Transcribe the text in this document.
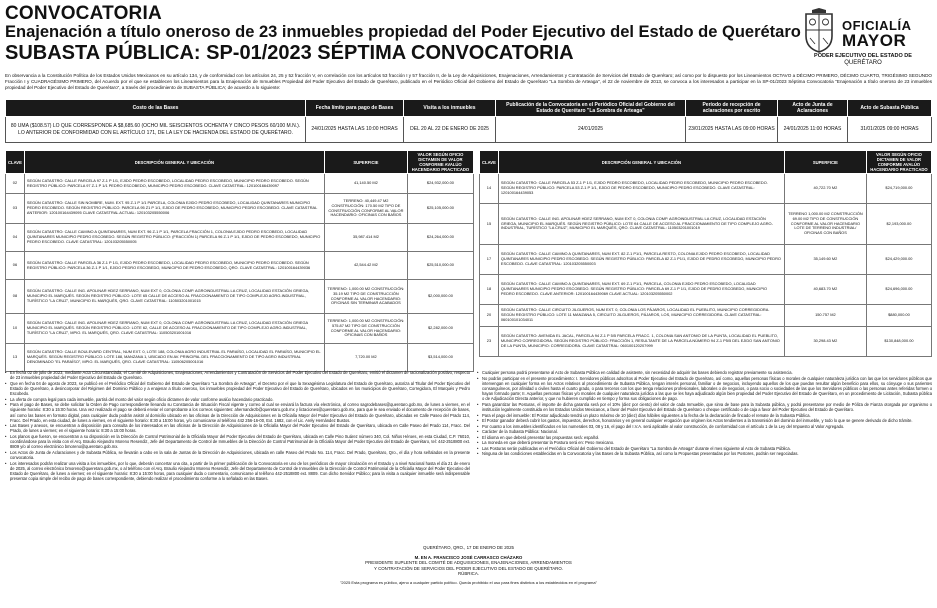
CONVOCATORIA
Enajenación a título oneroso de 23 inmuebles propiedad del Poder Ejecutivo del Estado de Querétaro
SUBASTA PÚBLICA: SP-01/2023 SÉPTIMA CONVOCATORIA
OFICIALÍA
MAYOR
PODER EJECUTIVO DEL ESTADO DE
QUERÉTARO
En observancia a la Constitución Política de los Estados Unidos Mexicanos en su artículo 134, y de conformidad con los artículos 24, 25 y 52 fracción V, en correlación con los artículos 53 fracción I y 57 fracción II, de la Ley de Adquisiciones, Enajenaciones, Arrendamientos y Contratación de Servicios del Estado de Querétaro; así como por lo dispuesto por los Lineamientos OCTAVO a DÉCIMO PRIMERO, DÉCIMO CUARTO, TRIGÉSIMO SEGUNDO Fracción I y CUADRAGÉSIMO PRIMERO, del Acuerdo por el que se establecen los Lineamientos para la Enajenación de Inmuebles Propiedad del Poder Ejecutivo del Estado de Querétaro, publicado en el Periódico Oficial del Gobierno del Estado de Querétaro "La Sombra de Arteaga", el 22 de noviembre de 2013, se convoca a los interesados a participar en la SP-01/2023 Séptima Convocatoria "Enajenación a título oneroso de 23 inmuebles propiedad del Poder Ejecutivo del Estado de Querétaro", a través del procedimiento de SUBASTA PÚBLICA; de acuerdo a lo siguiente:
Costo de las Bases	Fecha límite para pago de Bases	Visita a los inmuebles	Publicación de la Convocatoria en el Periódico Oficial del Gobierno del Estado de Querétaro "La Sombra de Arteaga"	Período de recepción de aclaraciones por escrito	Acto de Junta de Aclaraciones	Acto de Subasta Pública
80 UMA ($108.57) LO QUE CORRESPONDE A $8,685.60 (OCHO MIL SEISCIENTOS OCHENTA Y CINCO PESOS 60/100 M.N.). LO ANTERIOR DE CONFORMIDAD CON EL ARTÍCULO 171, DE LA LEY DE HACIENDA DEL ESTADO DE QUERÉTARO.	24/01/2025 HASTA LAS 10:00 HORAS	DEL 20 AL 22 DE ENERO DE 2025	24/01/2025	23/01/2025 HASTA LAS 09:00 HORAS	24/01/2025 11:00 HORAS	31/01/2025 09:00 HORAS
CLAVE	DESCRIPCIÓN GENERAL Y UBICACIÓN	SUPERFICIE	VALOR SEGÚN OFICIO DICTAMEN DE VALOR CONFORME AVALÚO HACENDARIO PRACTICADO
02	SEGÚN CATASTRO: CALLE PARCELA 97 Z-1 P 1/1, EJIDO PEDRO ESCOBEDO, LOCALIDAD PEDRO ESCOBEDO, MUNICIPIO PEDRO ESCOBEDO. SEGÚN REGISTRO PÚBLICO: PARCELA 97 Z-1 P 1/1 PEDRO ESCOBEDO, MUNICIPIO PEDRO ESCOBEDO. CLAVE CATASTRAL: 120100166439097	41,140.50 M2	$24,932,000.00
03	SEGÚN CATASTRO: CALLE SIN NOMBRE, NUM. EXT. 95 Z-1 P 1/1 PARCELA, COLONIA EJIDO PEDRO ESCOBEDO, LOCALIDAD QUINTANARES MUNICIPIO PEDRO ESCOBEDO. SEGÚN REGISTRO PÚBLICO: PARCELA 95 Z1 P 1/1, EJIDO DE PEDRO ESCOBEDO, MUNICIPIO PEDRO ESCOBEDO. CLAVE CATASTRAL ANTERIOR: 120100164439095 CLAVE CATASTRAL ACTUAL: 120103205550006	TERRENO: 40,449.47 M2 CONSTRUCCIÓN: 170.50 M2 TIPO DE CONSTRUCCIÓN CONFORME AL VALOR HACENDARIO: OFICINAS CON BAÑOS	$25,105,000.00
04	SEGÚN CATASTRO: CALLE CAMINO A QUINTANARES, NUM EXT. 96 Z-1 P 1/1, PARCELA FRACCIÓN 1, COLONIA EJIDO PEDRO ESCOBEDO, LOCALIDAD QUINTANARES MUNICIPIO PEDRO ESCOBEDO. SEGÚN REGISTRO PÚBLICO: (FRACCIÓN 1) PARCELA 96 Z-1 P 1/1, EJIDO DE PEDRO ESCOBEDO, MUNICIPIO PEDRO ESCOBEDO. CLAVE CATASTRAL: 120103205550005	35,987.414 M2	$24,264,000.00
06	SEGÚN CATASTRO: CALLE PARCELA 36 Z-1 P 1/1, EJIDO PEDRO ESCOBEDO, LOCALIDAD PEDRO ESCOBEDO, MUNICIPIO PEDRO ESCOBEDO. SEGÚN REGISTRO PÚBLICO: PARCELA 36 Z-1 P 1/1, EJIDO PEDRO ESCOBEDO, MUNICIPIO DE PEDRO ESCOBEDO, QRO. CLAVE CATASTRAL: 120100164439036	42,544.42 M2	$25,510,000.00
08	SEGÚN CATASTRO: CALLE ING. APOLINAR HDEZ SERRANO, NUM EXT 0, COLONIA COMP. AGROINDUSTRIAL LA CRUZ, LOCALIDAD ESTACIÓN GRIEGA, MUNICIPIO EL MARQUÉS. SEGÚN REGISTRO PÚBLICO: LOTE 65 CALLE DE ACCESO AL FRACCIONAMIENTO DE TIPO COMPLEJO AGRO-INDUSTRIAL, TURÍSTICO "LA CRUZ", MUNICIPIO EL MARQUÉS, QRO. CLAVE CATASTRAL: 110503201001015	TERRENO: 1,000.00 M2 CONSTRUCCIÓN: 35.19 M2 TIPO DE CONSTRUCCIÓN CONFORME AL VALOR HACENDARIO: OFICINAS SIN TERMINAR ACABADOS	$2,000,000.00
10	SEGÚN CATASTRO: CALLE ING. APOLINAR HDEZ SERRANO, NUM EXT 0, COLONIA COMP. AGROINDUSTRIAL LA CRUZ, LOCALIDAD ESTACIÓN GRIEGA MUNICIPIO EL MARQUÉS. SEGÚN REGISTRO PÚBLICO: LOTE 62, CALLE DE ACCESO AL FRACCIONAMIENTO DE TIPO COMPLEJO AGRO-INDUSTRIAL, TURÍSTICO "LA CRUZ", MPIO. EL MARQUÉS, QRO. CLAVE CATASTRAL: 110503201001016	TERRENO: 1,000.00 M2 CONSTRUCCIÓN: 575.87 M2 TIPO DE CONSTRUCCIÓN CONFORME AL VALOR HACENDARIO: OFICINAS CON BAÑOS	$2,282,000.00
13	SEGÚN CATASTRO: CALLE BOULEVARD CENTRAL, NUM EXT. 0, LOTE 188, COLONIA AGRO INDUSTRIAL EL PARAÍSO, LOCALIDAD EL PARAÍSO, MUNICIPIO EL MARQUÉS. SEGÚN REGISTRO PÚBLICO: LOTE 188, MANZANA 1, UBICADO EN AV. PRINCIPAL DEL FRACCIONAMIENTO DE TIPO AGRO INDUSTRIAL DENOMINADO "EL PARAÍSO", MPIO. EL MARQUÉS, QRO. CLAVE CATASTRAL: 110506205001016	7,720.00 M2	$3,514,000.00
CLAVE	DESCRIPCIÓN GENERAL Y UBICACIÓN	SUPERFICIE	VALOR SEGÚN OFICIO DICTAMEN DE VALOR CONFORME AVALÚO HACENDARIO PRACTICADO
14	SEGÚN CATASTRO: CALLE PARCELA 53 Z-1 P 1/1, EJIDO PEDRO ESCOBEDO, LOCALIDAD PEDRO ESCOBEDO, MUNICIPIO PEDRO ESCOBEDO. SEGÚN REGISTRO PÚBLICO: PARCELA 53 Z-1 P 1/1, EJIDO DE PEDRO ESCOBEDO, MUNICIPIO PEDRO ESCOBEDO. CLAVE CATASTRAL: 120100164439053	40,722.70 M2	$24,719,000.00
15	SEGÚN CATASTRO: CALLE ING. APOLINAR HDEZ SERRANO, NUM EXT 0, COLONIA COMP. AGROINDUSTRIAL LA CRUZ, LOCALIDAD ESTACIÓN GRIEGA, MUNICIPIO EL MARQUÉS. SEGÚN REGISTRO PÚBLICO: LOTE 64 CALLE DE ACCESO AL FRACCIONAMIENTO DE TIPO COMPLEJO AGRO-INDUSTRIAL, TURÍSTICO "LA CRUZ", MUNICIPIO EL MARQUÉS, QRO. CLAVE CATASTRAL: 110503201001019	TERRENO 1,000.00 M2 CONSTRUCCIÓN 69.00 M2 TIPO DE CONSTRUCCIÓN CONFORME AL VALOR HACENDARIO LOTE DE TERRENO INDUSTRIAL/ OFICINAS CON BAÑOS	$2,193,000.00
17	SEGÚN CATASTRO: CALLE CAMINO A QUINTANARES, NUM EXT. 82 Z-1 P1/1, PARCELA RESTO, COLONIA EJIDO PEDRO ESCOBEDO, LOCALIDAD QUINTANARES MUNICIPIO PEDRO ESCOBEDO. SEGÚN REGISTRO PÚBLICO: PARCELA 82 Z-1 P1/1, EJIDO DE PEDRO ESCOBEDO, MUNICIPIO PEDRO ESCOBEDO. CLAVE CATASTRAL: 120103205550003	35,149.60 M2	$24,429,000.00
18	SEGÚN CATASTRO: CALLE CAMINO A QUINTANARES, NUM EXT. 69 Z-1 P1/1, PARCELA, COLONIA EJIDO PEDRO ESCOBEDO, LOCALIDAD QUINTANARES MUNICIPIO PEDRO ESCOBEDO. SEGÚN REGISTRO PÚBLICO: PARCELA 69 Z-1 P 1/1, EJIDO DE PEDRO ESCOBEDO, MUNICIPIO PEDRO ESCOBEDO. CLAVE ANTERIOR: 120100164439069 CLAVE ACTUAL: 120103205550002	40,683.70 M2	$24,696,000.00
20	SEGÚN CATASTRO: CALLE CIRCUITO JILGUEROS, NUM EXT. 0, COLONIA LOS PÁJAROS, LOCALIDAD EL PUEBLITO, MUNICIPIO CORREGIDORA. SEGÚN REGISTRO PÚBLICO: LOTE 11 MANZANA 5, CIRCUITO JILGUEROS, PÁJAROS, LOS, MUNICIPIO CORREGIDORA. CLAVE CATASTRAL: 060100101034011	150.757 M2	$880,000.00
23	SEGÚN CATASTRO: AVENIDA EL JACAL, PARCELA 94 Z-1 P 5/5 PARCELA FRACC. 1, COLONIA SAN ANTONIO DE LA PUNTA, LOCALIDAD EL PUEBLITO, MUNICIPIO CORREGIDORA. SEGÚN REGISTRO PÚBLICO: FRACCIÓN 1, RESULTANTE DE LA PARCELA NÚMERO 94 Z-1 P5/5 DEL EJIDO SAN ANTONIO DE LA PUNTA, MUNICIPIO: CORREGIDORA. CLAVE CATASTRAL: 060100120207999	30,298.43 M2	$130,848,000.00

• En fecha 02 de julio de 2023, mediante Acta Circunstanciada, el Comité de Adquisiciones, Enajenaciones, Arrendamientos y Contratación de Servicios del Poder Ejecutivo del Estado de Querétaro, emitió el dictamen de racionalización positivo, respecto de 23 inmuebles propiedad del Poder Ejecutivo del Estado de Querétaro.

• Que en fecha 04 de agosto de 2023, se publicó en el Periódico Oficial del Gobierno del Estado de Querétaro "La Sombra de Arteaga", el Decreto por el que la Sexagésima Legislatura del Estado de Querétaro, autoriza al Titular del Poder Ejecutivo del Estado de Querétaro, a desincorporar del Régimen del Dominio Público y a enajenar a título oneroso, los inmuebles propiedad del Poder Ejecutivo del Estado de Querétaro, ubicados en los municipios de Querétaro, Corregidora, El Marqués y Pedro Escobedo.

• La oferta de compra legal para cada inmueble, partirá del monto del valor según oficio dictamen de valor conforme avalúo hacendario practicado.

• Para el pago de Bases, se debe solicitar la Orden de Pago correspondiente llenando su Constancia de Situación Fiscal vigente y correo al cual se enviará la factura vía electrónica, al correo sagrodebases@queretaro.gob.mx, de lunes a viernes, en el siguiente horario: 8:30 a 15:00 horas. Una vez realizado el pago se deberá enviar el comprobante a los correos siguientes: ahernandezb@queretaro.gob.mx y lictaciones@queretaro.gob.mx, para que le sea enviado el documento de recepción de bases, así como las bases en formato digital, para cualquier duda podrán asistir al domicilio ubicado en las oficinas de la Dirección de Adquisiciones en la Oficialía Mayor del Poder Ejecutivo del Estado de Querétaro, ubicadas en Calle Paseo del Prado 114, Fracc. Del Prado, en esta ciudad, de lunes a viernes, en el siguiente horario: 8:30 a 15:00 horas, y/o comunicarse al teléfono 442 256-16-00, Ext. 1682, con el Lic. Arely Hernández Bustos.

• Las Bases y anexos, se encuentran a disposición para consulta de los interesados en las oficinas de la Dirección de Adquisiciones de la Oficialía Mayor del Poder Ejecutivo del Estado de Querétaro, ubicada en Calle Paseo del Prado 114, Fracc. Del Prado, de lunes a viernes; en el siguiente horario: 8:30 a 15:00 horas.

• Los planos que fueron, se encuentran a su disposición en la Dirección de Control Patrimonial de la Oficialía Mayor del Poder Ejecutivo del Estado de Querétaro, ubicada en Calle Pino Suárez número 340, Col. Niños Héroes, en esta Ciudad, C.P. 76010, coordinándose para la visita con el Arq. Braulio Alejandro Moreno Resendiz, Jefe del Departamento de Control de Inmuebles de la Dirección de Control Patrimonial de la Oficialía Mayor del Poder Ejecutivo del Estado de Querétaro, tel: 442-2518800 ext. 8809 y/o al correo electrónico bmoreno@queretaro.gob.mx.

• Los Actos de Junta de Aclaraciones y de Subasta Pública, se llevarán a cabo en la sala de Juntas de la Dirección de Adquisiciones, ubicada en calle Paseo del Prado No. 114, Fracc. Del Prado, Querétaro, Qro., el día y hora señalados en la presente convocatoria.

• Los interesados podrán realizar una visita a los inmuebles, por lo que, deberán concertar una cita, a partir de la primer publicación de la Convocatoria en uno de los periódicos de mayor circulación en el Estado y a nivel Nacional hasta el día 21 de enero de 2025, al correo electrónico bmoreno@queretaro.gob.mx, o al teléfono con el Arq. Braulio Alejandro Moreno Resendiz, Jefe del Departamento de Control de Inmuebles de la Dirección de Control Patrimonial de la Oficialía Mayor del Poder Ejecutivo del Estado de Querétaro, de lunes a viernes; en el siguiente horario: 8:30 a 15:00 horas, para cualquier duda o comentario, comunicarse al teléfono 442-2518800 ext. 8809. Con dicho Servidor Público; para la visita a cualquier inmueble será indispensable presentar copia simple del recibo de pago de bases correspondiente, debiendo realizar el procedimiento conforme a lo señalado en las Bases.

• Cualquier persona podrá presentarse al Acto de Subasta Pública en calidad de asistente, sin necesidad de adquirir las bases debiendo registrar previamente su asistencia.

• No podrán participar en el presente procedimiento: I. Servidores públicos adscritos al Poder Ejecutivo del Estado de Querétaro, así como, aquellas personas físicas o morales de cualquier naturaleza jurídica con las que los servidores públicos que intervengan en cualquier forma en los Actos relativos al procedimiento de Subasta Pública, tengan interés personal, familiar o de negocios, incluyendo aquellos de los que puedan resultar algún beneficio para ellos, su cónyuge o sus parientes consanguíneos, por afinidad o civiles hasta el cuarto grado, o para terceros con los que tenga relaciones profesionales, laborales o de negocios, o para socio o sociedades de las que los Servidores públicos o las personas antes referidas formen o hayan formado parte; II. Aquellas personas físicas y/o morales de cualquier naturaleza jurídica a las que se les haya adjudicado algún bien propiedad del Poder Ejecutivo del Estado de Querétaro, en un procedimiento de Licitación, Subasta pública o de Adjudicación Directa anterior, y que no hubieren cumplido en tiempo y forma sus obligaciones de pago.

• Para garantizar las Posturas, el importe de dicha garantía será por el 10% (diez por ciento) del valor de cada Inmueble, que sirva de base para la Subasta pública, y podrá presentarse por medio de Póliza de Fianza otorgada por organismo o institución legalmente constituida en los Estados Unidos Mexicanos, a favor del Poder Ejecutivo del Estado de Querétaro o cheque certificado o de caja a favor del Poder Ejecutivo del Estado de Querétaro.

• Para el pago del inmueble: El Postor adjudicado tendrá un plazo máximo de 10 (diez) días hábiles siguientes a la fecha de la declaración de fincado el remate de la Subasta Pública.

• El Postor ganador deberá cubrir los gastos, impuestos, derechos, honorarios y en general cualquier erogación que originen los Actos tendientes a la transmisión del dominio del inmueble, y todo lo que se genere derivado de dicho trámite.

• Por cuanto a los inmuebles identificados en los numerales 03, 08 y 16, el pago del I.V.A. será aplicable al valor construcción, de conformidad con el artículo 1 de la Ley del Impuesto al Valor Agregado.

• Carácter de la Subasta Pública: Nacional.

• El idioma en que deberá presentar las propuestas será: español.

• La moneda en que deberá presentar la Postura será en: Peso mexicano.

• Las Posturas serán publicadas en el Periódico Oficial del Gobierno del Estado de Querétaro "La Sombra de Arteaga" durante el mes siguiente al Acto de Subasta Pública.

• Ninguna de las condiciones establecidas en la Convocatoria y las Bases de la Subasta Pública, así como la Propuestas presentadas por los Postores, podrán ser negociadas.

QUERÉTARO, QRO., 17 DE ENERO DE 2025
M. EN A. FRANCISCO JOSÉ CARRASCO CHÁZARO
PRESIDENTE SUPLENTE DEL COMITÉ DE ADQUISICIONES, ENAJENACIONES, ARRENDAMIENTOS
Y CONTRATACIÓN DE SERVICIOS DEL PODER EJECUTIVO DEL ESTADO DE QUERÉTARO.
RÚBRICA.
"2025 Esta programa es público, ajeno a cualquier partido político. Queda prohibido el uso para fines distintos a los establecidos en el programa"
